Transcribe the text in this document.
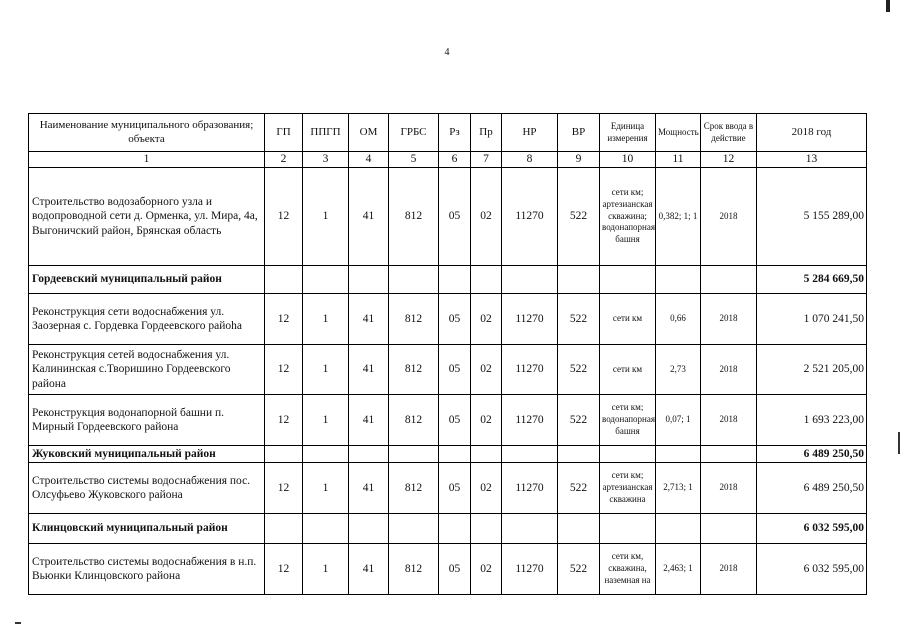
4
Наименование муниципального образования; объекта	ГП	ППГП	ОМ	ГРБС	Рз	Пр	НР	ВР	Единица измерения	Мощность	Срок ввода в действие	2018 год
1	2	3	4	5	6	7	8	9	10	11	12	13
Строительство водозаборного узла и водопроводной сети д. Орменка, ул. Мира, 4а, Выгоничский район, Брянская область	12	1	41	812	05	02	11270	522	сети км; артезианская скважина; водонапорная башня	0,382; 1; 1	2018	5 155 289,00
Гордеевский муниципальный район												5 284 669,50
Реконструкция сети водоснабжения ул. Заозерная с. Гордевка Гордеевского райоhа	12	1	41	812	05	02	11270	522	сети км	0,66	2018	1 070 241,50
Реконструкция сетей водоснабжения ул. Калининская с.Творишино Гордеевского района	12	1	41	812	05	02	11270	522	сети км	2,73	2018	2 521 205,00
Реконструкция водонапорной башни п. Мирный Гордеевского района	12	1	41	812	05	02	11270	522	сети км; водонапорная башня	0,07; 1	2018	1 693 223,00
Жуковский муниципальный район												6 489 250,50
Строительство системы водоснабжения пос. Олсуфьево Жуковского района	12	1	41	812	05	02	11270	522	сети км; артезианская скважина	2,713; 1	2018	6 489 250,50
Клинцовский муниципальный район												6 032 595,00
Строительство системы водоснабжения в н.п. Вьюнки Клинцовского района	12	1	41	812	05	02	11270	522	сети км, скважина, наземная на	2,463; 1	2018	6 032 595,00
